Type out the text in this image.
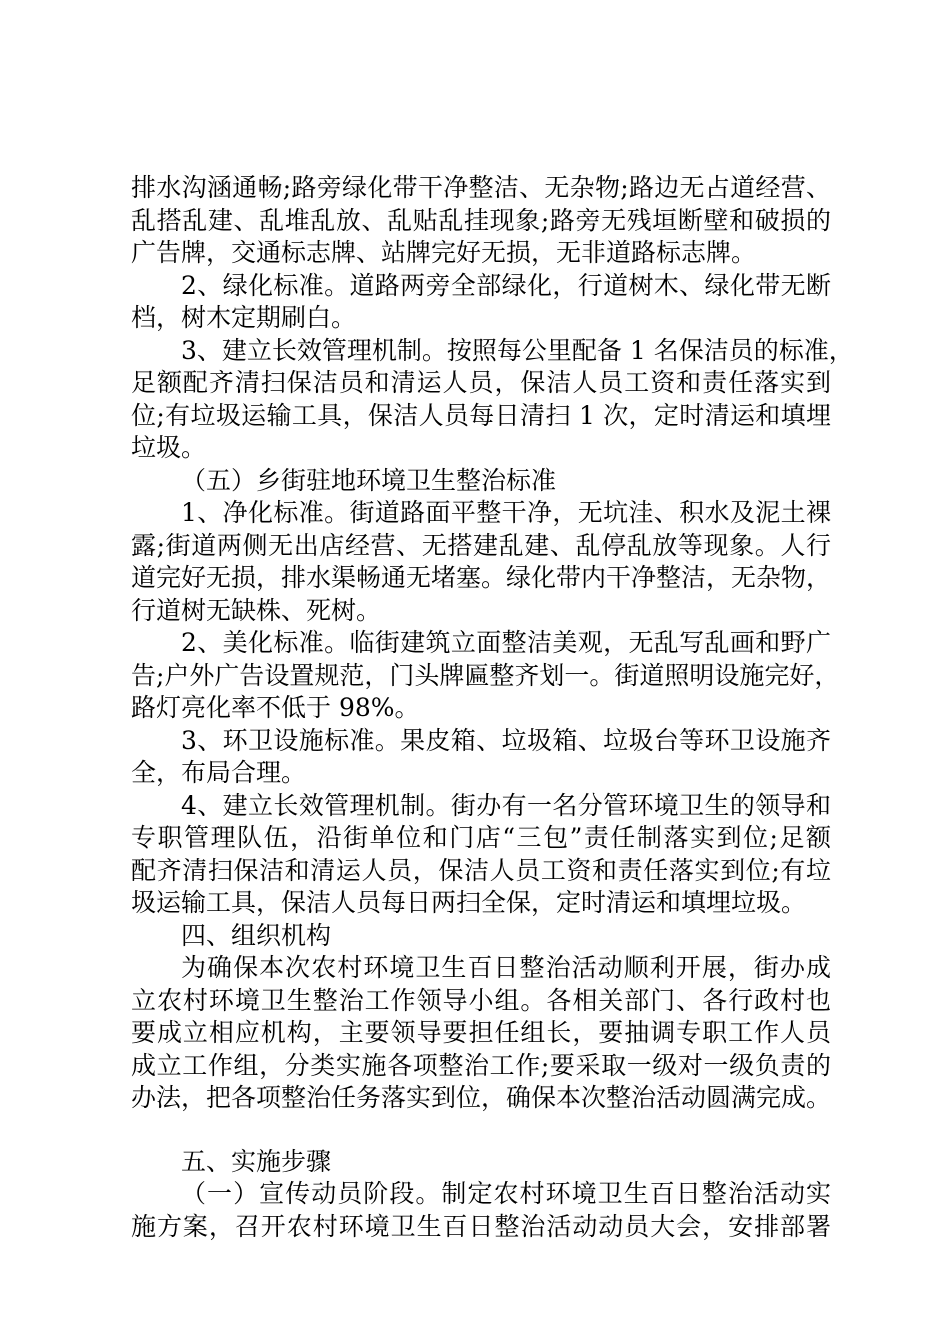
排水沟涵通畅;路旁绿化带干净整洁、无杂物;路边无占道经营、
乱搭乱建、乱堆乱放、乱贴乱挂现象;路旁无残垣断壁和破损的
广告牌，交通标志牌、站牌完好无损，无非道路标志牌。
2、绿化标准。道路两旁全部绿化，行道树木、绿化带无断
档，树木定期刷白。
3、建立长效管理机制。按照每公里配备 1 名保洁员的标准，
足额配齐清扫保洁员和清运人员，保洁人员工资和责任落实到
位;有垃圾运输工具，保洁人员每日清扫 1 次，定时清运和填埋
垃圾。
（五）乡街驻地环境卫生整治标准
1、净化标准。街道路面平整干净，无坑洼、积水及泥土裸
露;街道两侧无出店经营、无搭建乱建、乱停乱放等现象。人行
道完好无损，排水渠畅通无堵塞。绿化带内干净整洁，无杂物，
行道树无缺株、死树。
2、美化标准。临街建筑立面整洁美观，无乱写乱画和野广
告;户外广告设置规范，门头牌匾整齐划一。街道照明设施完好，
路灯亮化率不低于 98%。
3、环卫设施标准。果皮箱、垃圾箱、垃圾台等环卫设施齐
全，布局合理。
4、建立长效管理机制。街办有一名分管环境卫生的领导和
专职管理队伍，沿街单位和门店“三包”责任制落实到位;足额
配齐清扫保洁和清运人员，保洁人员工资和责任落实到位;有垃
圾运输工具，保洁人员每日两扫全保，定时清运和填埋垃圾。
四、组织机构
为确保本次农村环境卫生百日整治活动顺利开展，街办成
立农村环境卫生整治工作领导小组。各相关部门、各行政村也
要成立相应机构，主要领导要担任组长，要抽调专职工作人员
成立工作组，分类实施各项整治工作;要采取一级对一级负责的
办法，把各项整治任务落实到位，确保本次整治活动圆满完成。
五、实施步骤
（一）宣传动员阶段。制定农村环境卫生百日整治活动实
施方案，召开农村环境卫生百日整治活动动员大会，安排部署
